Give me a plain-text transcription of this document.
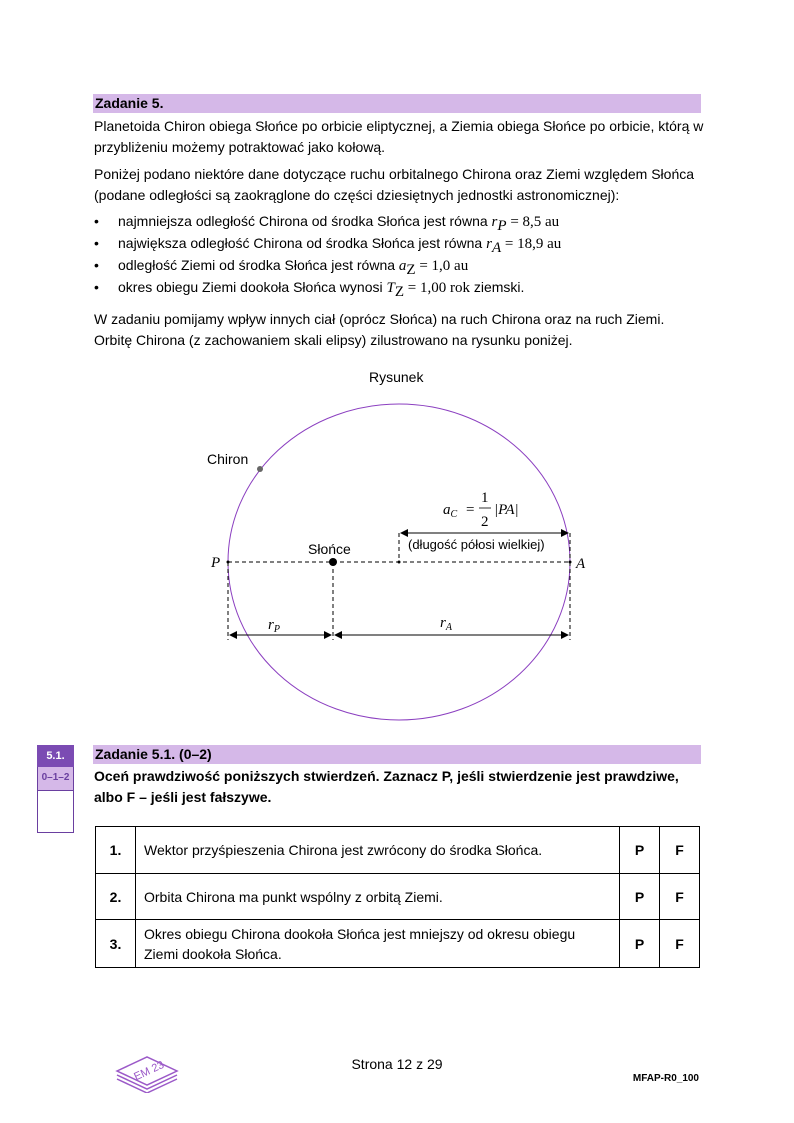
Zadanie 5.
Planetoida Chiron obiega Słońce po orbicie eliptycznej, a Ziemia obiega Słońce po orbicie, którą w przybliżeniu możemy potraktować jako kołową.
Poniżej podano niektóre dane dotyczące ruchu orbitalnego Chirona oraz Ziemi względem Słońca (podane odległości są zaokrąglone do części dziesiętnych jednostki astronomicznej):
• najmniejsza odległość Chirona od środka Słońca jest równa $r_P = 8,5$ au
• największa odległość Chirona od środka Słońca jest równa $r_A = 18,9$ au
• odległość Ziemi od środka Słońca jest równa $a_Z = 1,0$ au
• okres obiegu Ziemi dookoła Słońca wynosi $T_Z = 1,00$ rok ziemski.
W zadaniu pomijamy wpływ innych ciał (oprócz Słońca) na ruch Chirona oraz na ruch Ziemi. Orbitę Chirona (z zachowaniem skali elipsy) zilustrowano na rysunku poniżej.
Rysunek
Chiron
Słońce
P	A
$r_P$	$r_A$
$a_C$ =
1
2
|PA|
(długość półosi wielkiej)
5.1.
0–1–2
Zadanie 5.1. (0–2)
Oceń prawdziwość poniższych stwierdzeń. Zaznacz P, jeśli stwierdzenie jest prawdziwe, albo F – jeśli jest fałszywe.
1.	Wektor przyśpieszenia Chirona jest zwrócony do środka Słońca.	P	F
2.	Orbita Chirona ma punkt wspólny z orbitą Ziemi.	P	F
3.	Okres obiegu Chirona dookoła Słońca jest mniejszy od okresu obiegu Ziemi dookoła Słońca.	P	F
EM 23	Strona 12 z 29
MFAP-R0_100
